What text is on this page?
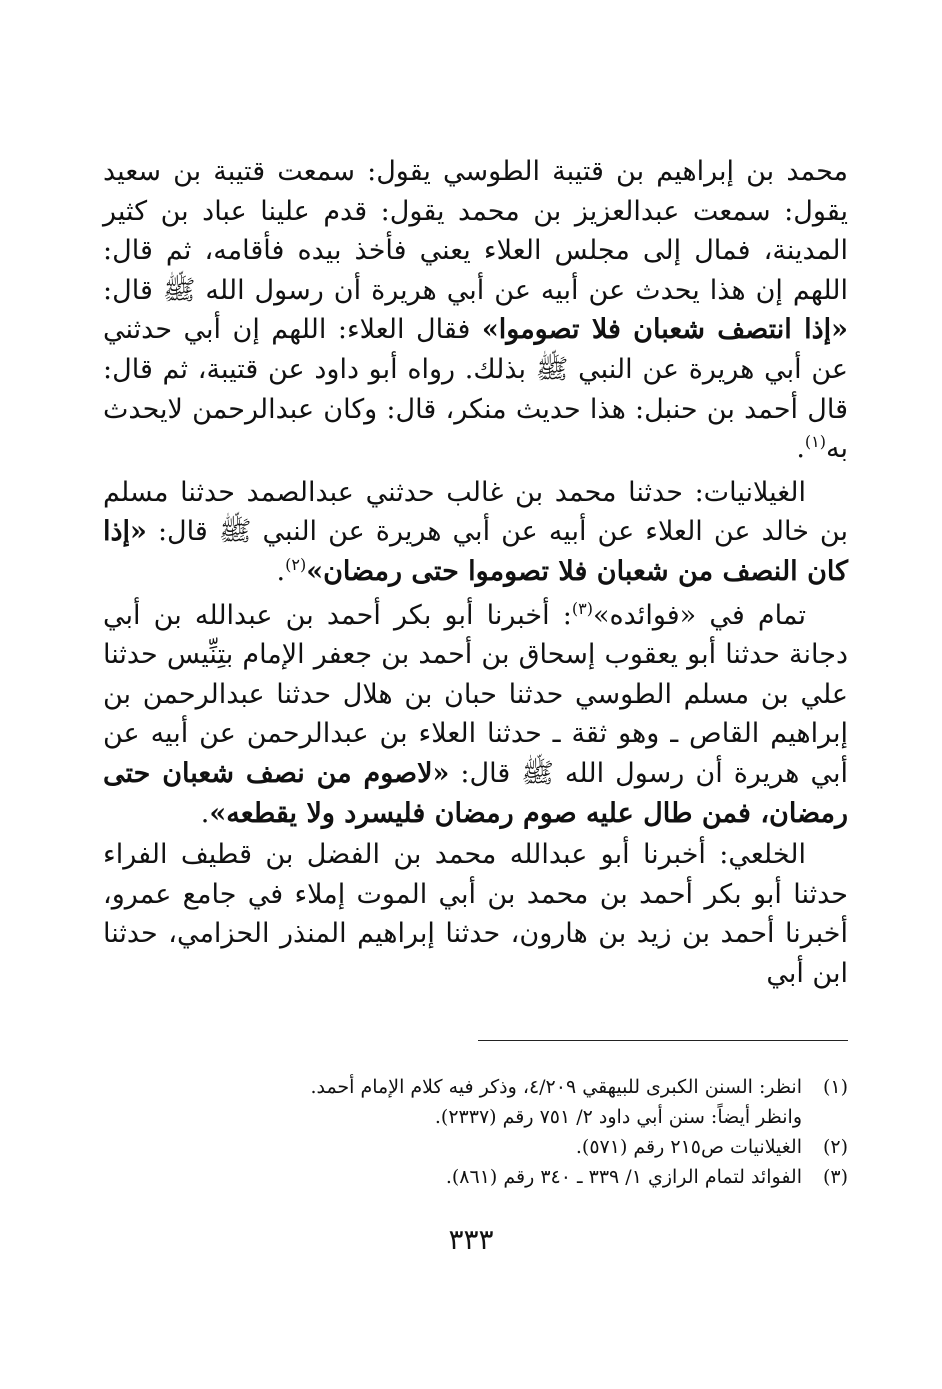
محمد بن إبراهيم بن قتيبة الطوسي يقول: سمعت قتيبة بن سعيد يقول: سمعت عبدالعزيز بن محمد يقول: قدم علينا عباد بن كثير المدينة، فمال إلى مجلس العلاء يعني فأخذ بيده فأقامه، ثم قال: اللهم إن هذا يحدث عن أبيه عن أبي هريرة أن رسول الله ﷺ قال: «إذا انتصف شعبان فلا تصوموا» فقال العلاء: اللهم إن أبي حدثني عن أبي هريرة عن النبي ﷺ بذلك. رواه أبو داود عن قتيبة، ثم قال: قال أحمد بن حنبل: هذا حديث منكر، قال: وكان عبدالرحمن لايحدث به$^{(١)}$.

الغيلانيات: حدثنا محمد بن غالب حدثني عبدالصمد حدثنا مسلم بن خالد عن العلاء عن أبيه عن أبي هريرة عن النبي ﷺ قال: «إذا كان النصف من شعبان فلا تصوموا حتى رمضان»$^{(٢)}$.

تمام في «فوائده»$^{(٣)}$: أخبرنا أبو بكر أحمد بن عبدالله بن أبي دجانة حدثنا أبو يعقوب إسحاق بن أحمد بن جعفر الإمام بتِنِّيس حدثنا علي بن مسلم الطوسي حدثنا حبان بن هلال حدثنا عبدالرحمن بن إبراهيم القاص ـ وهو ثقة ـ حدثنا العلاء بن عبدالرحمن عن أبيه عن أبي هريرة أن رسول الله ﷺ قال: «لاصوم من نصف شعبان حتى رمضان، فمن طال عليه صوم رمضان فليسرد ولا يقطعه».

الخلعي: أخبرنا أبو عبدالله محمد بن الفضل بن قطيف الفراء حدثنا أبو بكر أحمد بن محمد بن أبي الموت إملاء في جامع عمرو، أخبرنا أحمد بن زيد بن هارون، حدثنا إبراهيم المنذر الحزامي، حدثنا ابن أبي

(١)
انظر: السنن الكبرى للبيهقي ٤/٢٠٩، وذكر فيه كلام الإمام أحمد.
وانظر أيضاً: سنن أبي داود ٢/ ٧٥١ رقم (٢٣٣٧).
(٢)
الغيلانيات ص٢١٥ رقم (٥٧١).
(٣)
الفوائد لتمام الرازي ١/ ٣٣٩ ـ ٣٤٠ رقم (٨٦١).
٣٣٣
